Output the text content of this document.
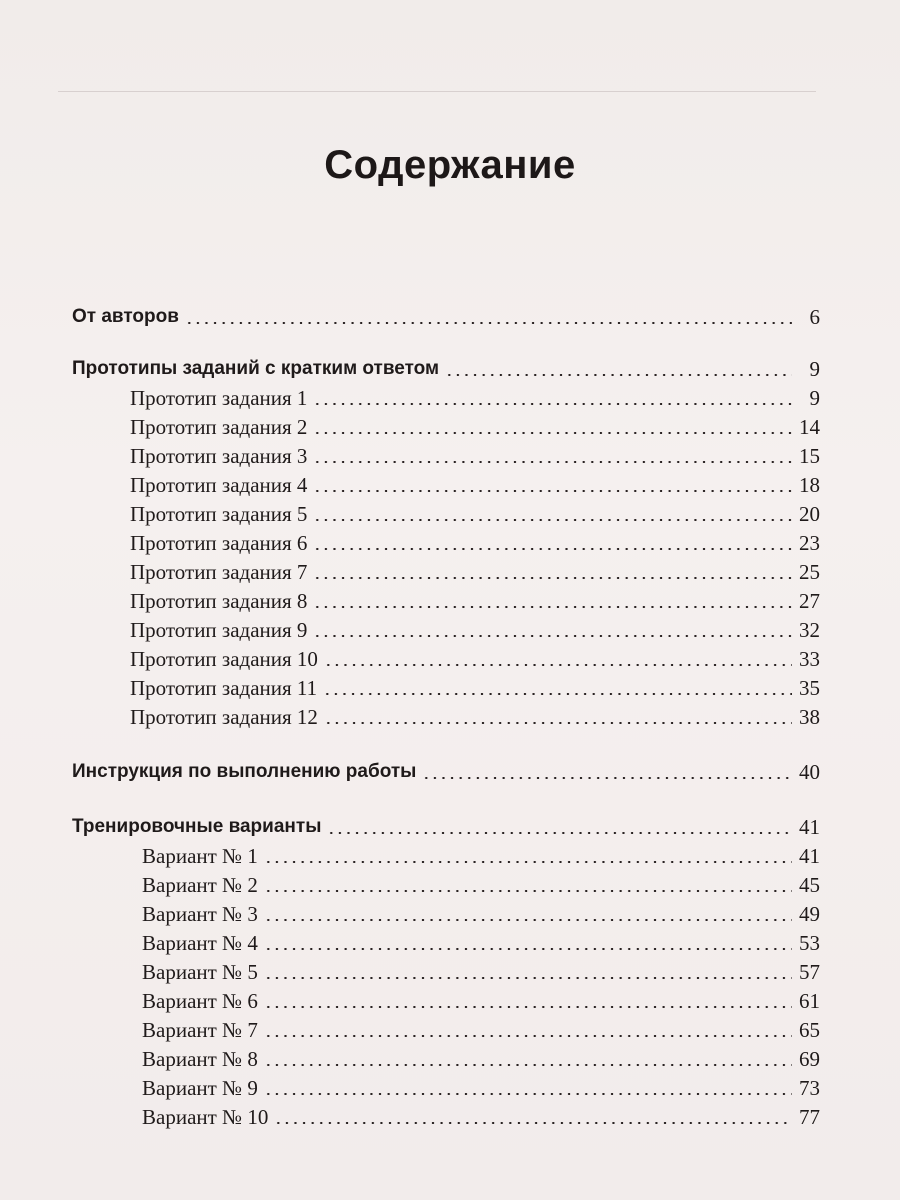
Содержание
От авторов	6
Прототипы заданий с кратким ответом	9
Прототип задания 1	9
Прототип задания 2	14
Прототип задания 3	15
Прототип задания 4	18
Прототип задания 5	20
Прототип задания 6	23
Прототип задания 7	25
Прототип задания 8	27
Прототип задания 9	32
Прототип задания 10	33
Прототип задания 11	35
Прототип задания 12	38
Инструкция по выполнению работы	40
Тренировочные варианты	41
Вариант № 1	41
Вариант № 2	45
Вариант № 3	49
Вариант № 4	53
Вариант № 5	57
Вариант № 6	61
Вариант № 7	65
Вариант № 8	69
Вариант № 9	73
Вариант № 10	77
